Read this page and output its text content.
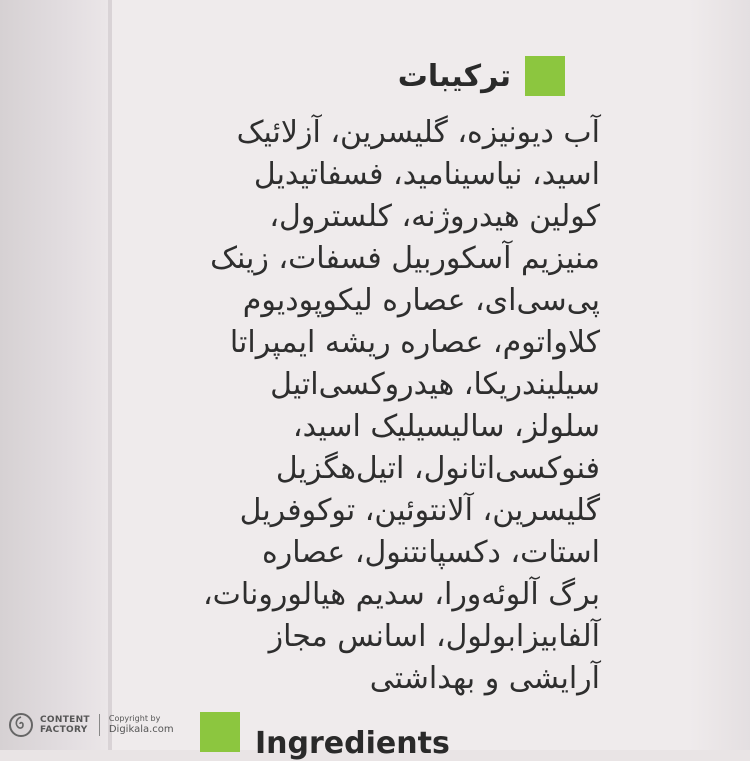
ترکیبات
آب دیونیزه، گلیسرین، آزلائیک
اسید، نیاسینامید، فسفاتیدیل
کولین هیدروژنه، کلسترول،
منیزیم آسکوربیل فسفات، زینک
پی‌سی‌ای، عصاره لیکوپودیوم
کلاواتوم، عصاره ریشه ایمپراتا
سیلیندریکا، هیدروکسی‌اتیل
سلولز، سالیسیلیک اسید،
فنوکسی‌اتانول، اتیل‌هگزیل
گلیسرین، آلانتوئین، توکوفریل
استات، دکسپانتنول، عصاره
برگ آلوئه‌ورا، سدیم هیالورونات،
آلفابیزابولول، اسانس مجاز
آرایشی و بهداشتی
Ingredients
CONTENT
FACTORY
Copyright by
Digikala.com
